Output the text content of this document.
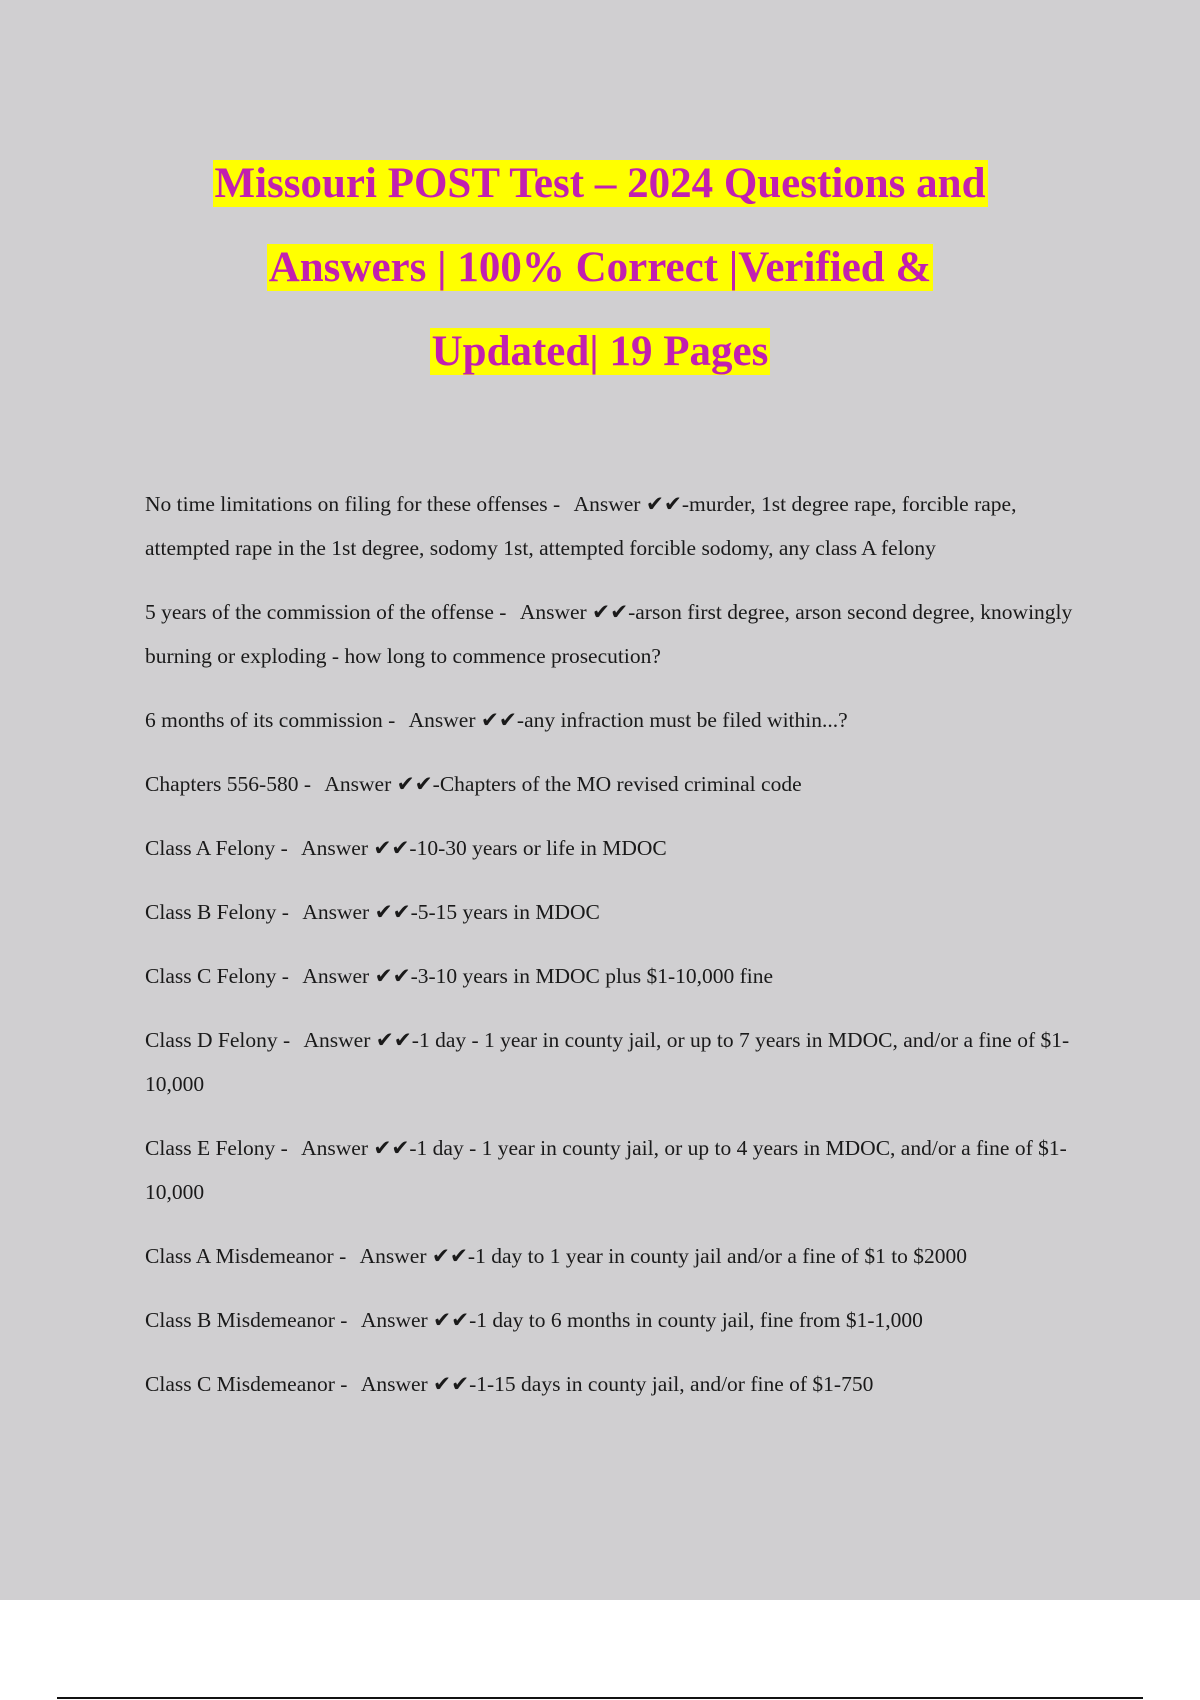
Missouri POST Test – 2024 Questions and
Answers | 100% Correct |Verified &
Updated| 19 Pages

No time limitations on filing for these offenses - Answer ✔✔-murder, 1st degree rape, forcible rape, attempted rape in the 1st degree, sodomy 1st, attempted forcible sodomy, any class A felony

5 years of the commission of the offense - Answer ✔✔-arson first degree, arson second degree, knowingly burning or exploding - how long to commence prosecution?

6 months of its commission - Answer ✔✔-any infraction must be filed within...?

Chapters 556-580 - Answer ✔✔-Chapters of the MO revised criminal code

Class A Felony - Answer ✔✔-10-30 years or life in MDOC

Class B Felony - Answer ✔✔-5-15 years in MDOC

Class C Felony - Answer ✔✔-3-10 years in MDOC plus $1-10,000 fine

Class D Felony - Answer ✔✔-1 day - 1 year in county jail, or up to 7 years in MDOC, and/or a fine of $1-10,000

Class E Felony - Answer ✔✔-1 day - 1 year in county jail, or up to 4 years in MDOC, and/or a fine of $1-10,000

Class A Misdemeanor - Answer ✔✔-1 day to 1 year in county jail and/or a fine of $1 to $2000

Class B Misdemeanor - Answer ✔✔-1 day to 6 months in county jail, fine from $1-1,000

Class C Misdemeanor - Answer ✔✔-1-15 days in county jail, and/or fine of $1-750
